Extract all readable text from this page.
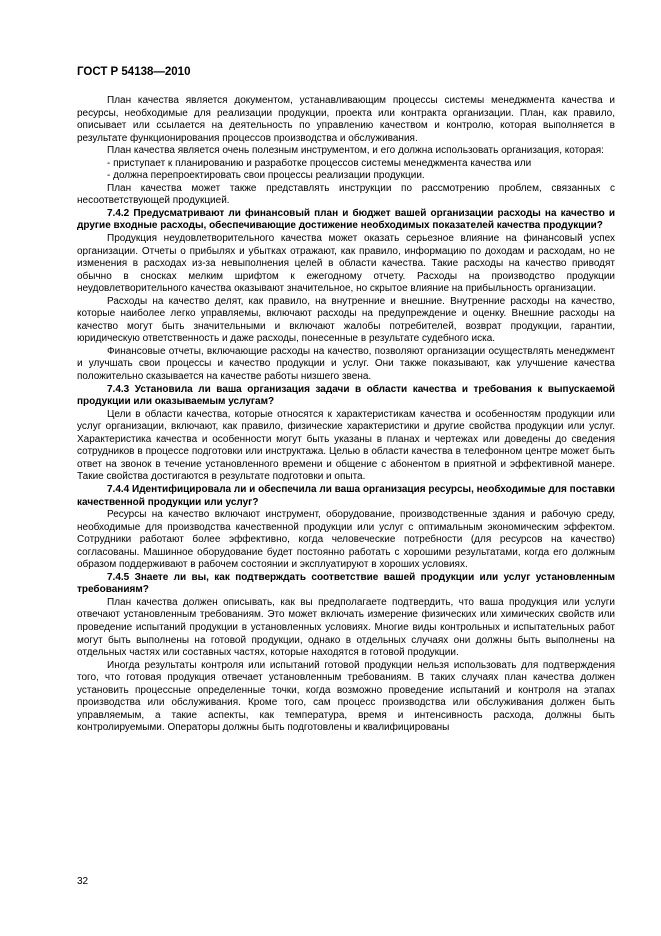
ГОСТ Р 54138—2010

План качества является документом, устанавливающим процессы системы менеджмента качества и ресурсы, необходимые для реализации продукции, проекта или контракта организации. План, как правило, описывает или ссылается на деятельность по управлению качеством и контролю, которая выполняется в результате функционирования процессов производства и обслуживания.

План качества является очень полезным инструментом, и его должна использовать организация, которая:

- приступает к планированию и разработке процессов системы менеджмента качества или

- должна перепроектировать свои процессы реализации продукции.

План качества может также представлять инструкции по рассмотрению проблем, связанных с несоответствующей продукцией.

7.4.2 Предусматривают ли финансовый план и бюджет вашей организации расходы на качество и другие входные расходы, обеспечивающие достижение необходимых показателей качества продукции?

Продукция неудовлетворительного качества может оказать серьезное влияние на финансовый успех организации. Отчеты о прибылях и убытках отражают, как правило, информацию по доходам и расходам, но не изменения в расходах из-за невыполнения целей в области качества. Такие расходы на качество приводят обычно в сносках мелким шрифтом к ежегодному отчету. Расходы на производство продукции неудовлетворительного качества оказывают значительное, но скрытое влияние на прибыльность организации.

Расходы на качество делят, как правило, на внутренние и внешние. Внутренние расходы на качество, которые наиболее легко управляемы, включают расходы на предупреждение и оценку. Внешние расходы на качество могут быть значительными и включают жалобы потребителей, возврат продукции, гарантии, юридическую ответственность и даже расходы, понесенные в результате судебного иска.

Финансовые отчеты, включающие расходы на качество, позволяют организации осуществлять менеджмент и улучшать свои процессы и качество продукции и услуг. Они также показывают, как улучшение качества положительно сказывается на качестве работы низшего звена.

7.4.3 Установила ли ваша организация задачи в области качества и требования к выпускаемой продукции или оказываемым услугам?

Цели в области качества, которые относятся к характеристикам качества и особенностям продукции или услуг организации, включают, как правило, физические характеристики и другие свойства продукции или услуг. Характеристика качества и особенности могут быть указаны в планах и чертежах или доведены до сведения сотрудников в процессе подготовки или инструктажа. Целью в области качества в телефонном центре может быть ответ на звонок в течение установленного времени и общение с абонентом в приятной и эффективной манере. Такие свойства достигаются в результате подготовки и опыта.

7.4.4 Идентифицировала ли и обеспечила ли ваша организация ресурсы, необходимые для поставки качественной продукции или услуг?

Ресурсы на качество включают инструмент, оборудование, производственные здания и рабочую среду, необходимые для производства качественной продукции или услуг с оптимальным экономическим эффектом. Сотрудники работают более эффективно, когда человеческие потребности (для ресурсов на качество) согласованы. Машинное оборудование будет постоянно работать с хорошими результатами, когда его должным образом поддерживают в рабочем состоянии и эксплуатируют в хороших условиях.

7.4.5 Знаете ли вы, как подтверждать соответствие вашей продукции или услуг установленным требованиям?

План качества должен описывать, как вы предполагаете подтвердить, что ваша продукция или услуги отвечают установленным требованиям. Это может включать измерение физических или химических свойств или проведение испытаний продукции в установленных условиях. Многие виды контрольных и испытательных работ могут быть выполнены на готовой продукции, однако в отдельных случаях они должны быть выполнены на отдельных частях или составных частях, которые находятся в готовой продукции.

Иногда результаты контроля или испытаний готовой продукции нельзя использовать для подтверждения того, что готовая продукция отвечает установленным требованиям. В таких случаях план качества должен установить процессные определенные точки, когда возможно проведение испытаний и контроля на этапах производства или обслуживания. Кроме того, сам процесс производства или обслуживания должен быть управляемым, а такие аспекты, как температура, время и интенсивность расхода, должны быть контролируемыми. Операторы должны быть подготовлены и квалифицированы

32
